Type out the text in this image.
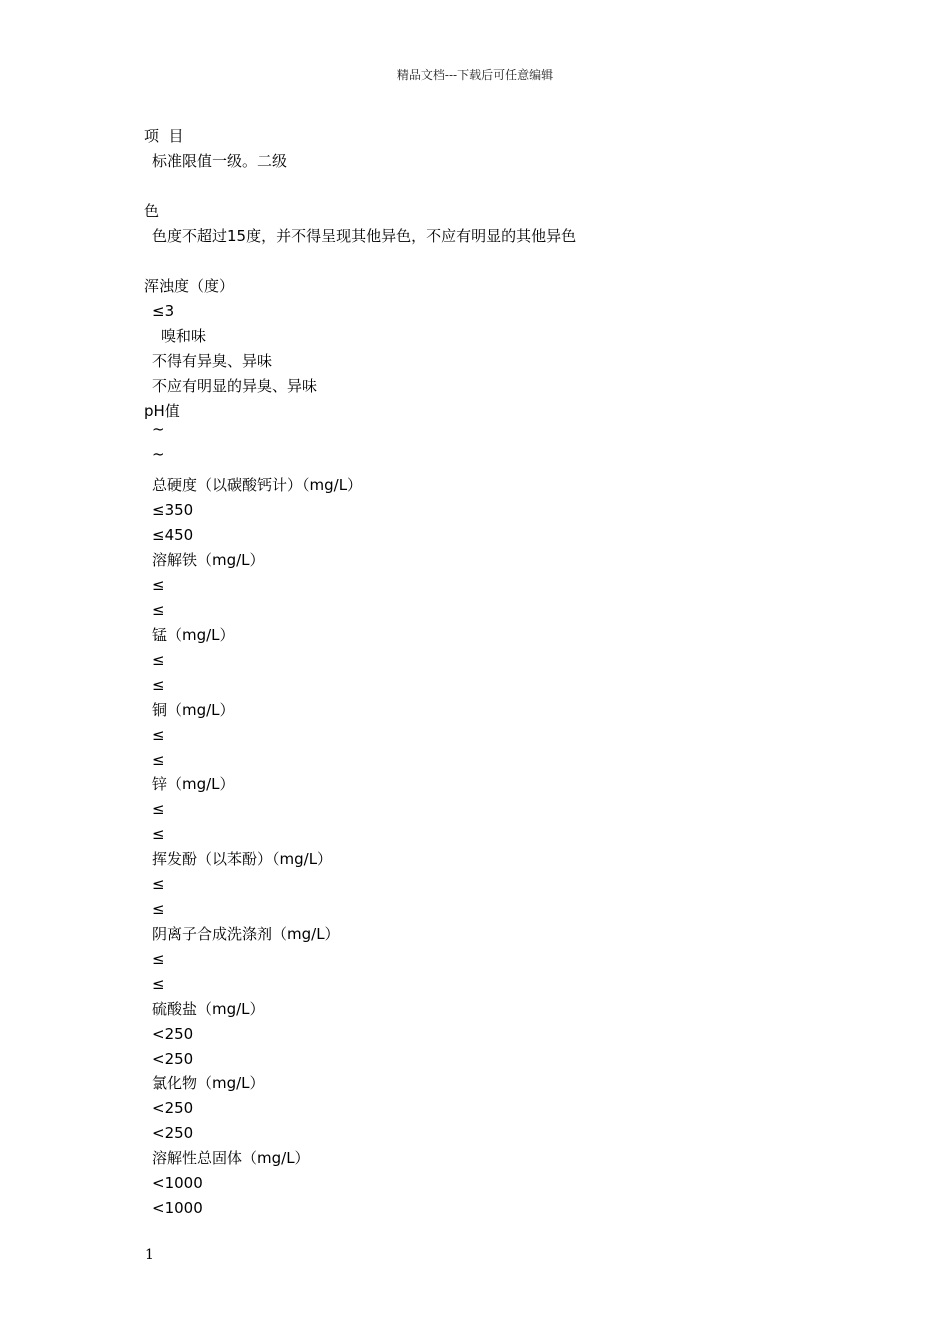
精品文档---下载后可任意编辑
项  目
标准限值一级。二级
色
色度不超过15度，并不得呈现其他异色，不应有明显的其他异色
浑浊度（度）
≤3
嗅和味
不得有异臭、异味
不应有明显的异臭、异味
pH值
~
~
总硬度（以碳酸钙计）（mg/L）
≤350
≤450
溶解铁（mg/L）
≤
≤
锰（mg/L）
≤
≤
铜（mg/L）
≤
≤
锌（mg/L）
≤
≤
挥发酚（以苯酚）（mg/L）
≤
≤
阴离子合成洗涤剂（mg/L）
≤
≤
硫酸盐（mg/L）
<250
<250
氯化物（mg/L）
<250
<250
溶解性总固体（mg/L）
<1000
<1000
1
